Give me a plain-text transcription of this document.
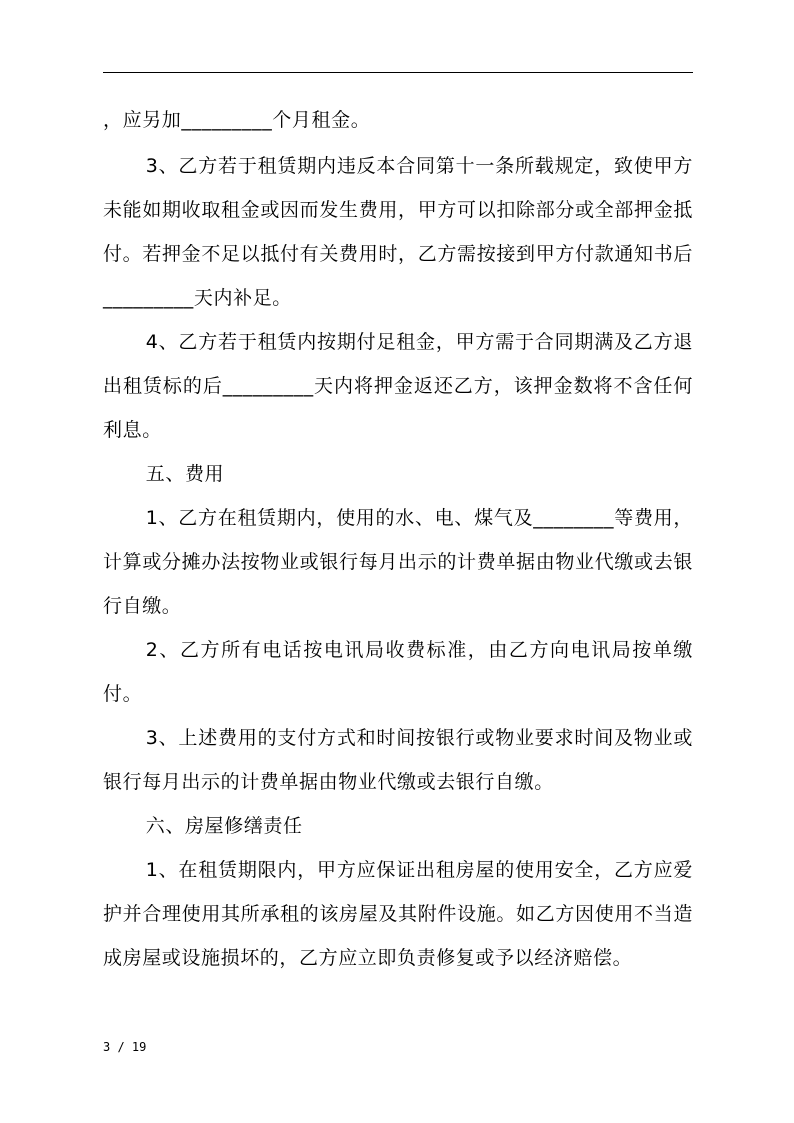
，应另加_________个月租金。

3、乙方若于租赁期内违反本合同第十一条所载规定，致使甲方未能如期收取租金或因而发生费用，甲方可以扣除部分或全部押金抵付。若押金不足以抵付有关费用时，乙方需按接到甲方付款通知书后_________天内补足。

4、乙方若于租赁内按期付足租金，甲方需于合同期满及乙方退出租赁标的后_________天内将押金返还乙方，该押金数将不含任何利息。

五、费用

1、乙方在租赁期内，使用的水、电、煤气及________等费用，计算或分摊办法按物业或银行每月出示的计费单据由物业代缴或去银行自缴。

2、乙方所有电话按电讯局收费标准，由乙方向电讯局按单缴付。

3、上述费用的支付方式和时间按银行或物业要求时间及物业或银行每月出示的计费单据由物业代缴或去银行自缴。

六、房屋修缮责任

1、在租赁期限内，甲方应保证出租房屋的使用安全，乙方应爱护并合理使用其所承租的该房屋及其附件设施。如乙方因使用不当造成房屋或设施损坏的，乙方应立即负责修复或予以经济赔偿。

3 / 19
